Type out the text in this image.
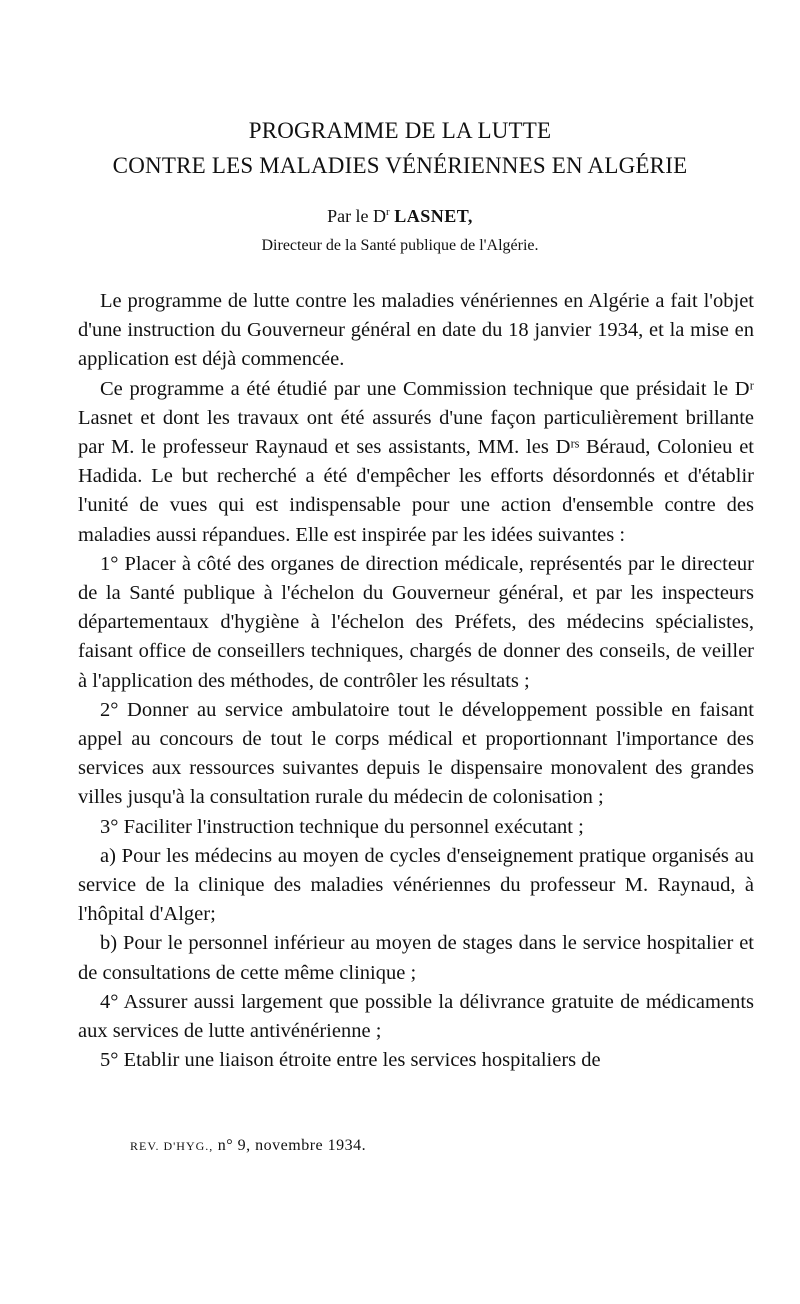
PROGRAMME DE LA LUTTE
CONTRE LES MALADIES VÉNÉRIENNES EN ALGÉRIE
Par le $D^r$ LASNET,
Directeur de la Santé publique de l'Algérie.

Le programme de lutte contre les maladies vénériennes en Algérie a fait l'objet d'une instruction du Gouverneur général en date du 18 janvier 1934, et la mise en application est déjà commencée.

Ce programme a été étudié par une Commission technique que présidait le Dʳ Lasnet et dont les travaux ont été assurés d'une façon particulièrement brillante par M. le professeur Raynaud et ses assistants, MM. les Dʳˢ Béraud, Colonieu et Hadida. Le but recherché a été d'empêcher les efforts désordonnés et d'établir l'unité de vues qui est indispensable pour une action d'ensemble contre des maladies aussi répandues. Elle est inspirée par les idées suivantes :

1° Placer à côté des organes de direction médicale, représentés par le directeur de la Santé publique à l'échelon du Gouverneur général, et par les inspecteurs départementaux d'hygiène à l'échelon des Préfets, des médecins spécialistes, faisant office de conseillers techniques, chargés de donner des conseils, de veiller à l'application des méthodes, de contrôler les résultats ;

2° Donner au service ambulatoire tout le développement possible en faisant appel au concours de tout le corps médical et proportionnant l'importance des services aux ressources suivantes depuis le dispensaire monovalent des grandes villes jusqu'à la consultation rurale du médecin de colonisation ;

3° Faciliter l'instruction technique du personnel exécutant ;

a) Pour les médecins au moyen de cycles d'enseignement pratique organisés au service de la clinique des maladies vénériennes du professeur M. Raynaud, à l'hôpital d'Alger;

b) Pour le personnel inférieur au moyen de stages dans le service hospitalier et de consultations de cette même clinique ;

4° Assurer aussi largement que possible la délivrance gratuite de médicaments aux services de lutte antivénérienne ;

5° Etablir une liaison étroite entre les services hospitaliers de

REV. D'HYG., n° 9, novembre 1934.
